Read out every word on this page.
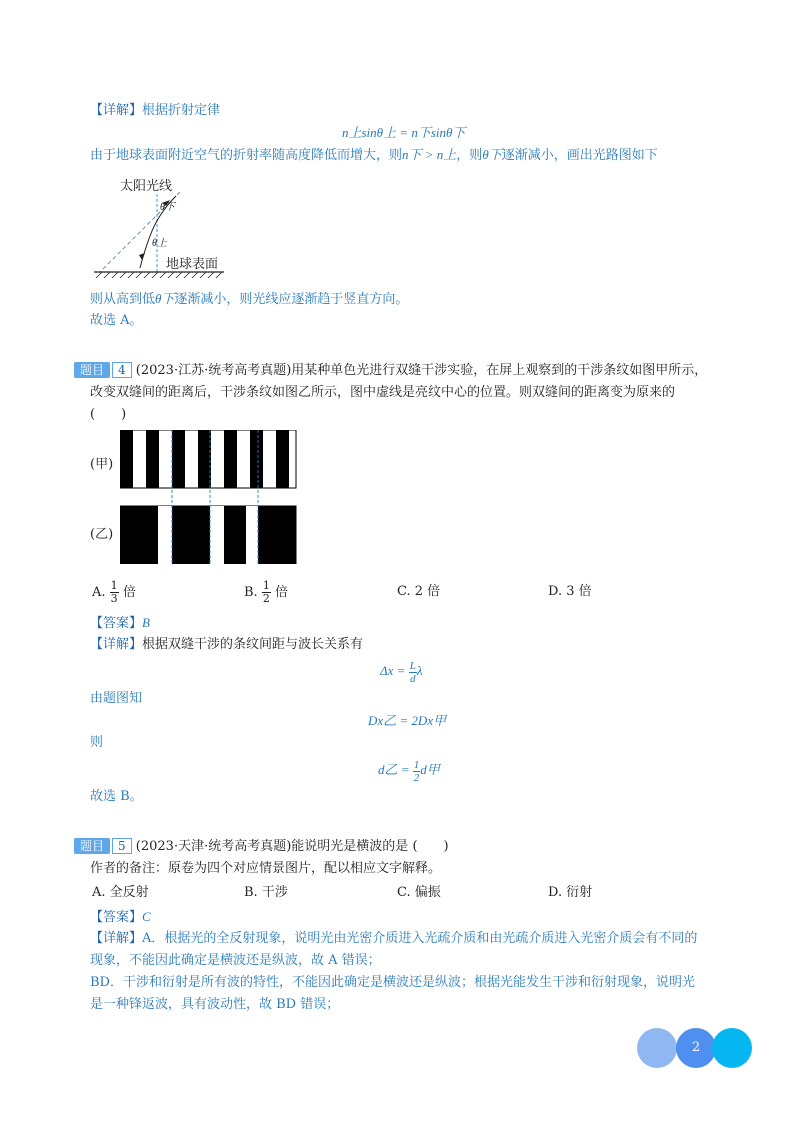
【详解】根据折射定律
n上sinθ上 = n下sinθ下
由于地球表面附近空气的折射率随高度降低而增大，则n下 > n上，则θ下逐渐减小，画出光路图如下
太阳光线
θ下
θ上
地球表面
则从高到低θ下逐渐减小，则光线应逐渐趋于竖直方向。
故选 A。
题目 4 (2023·江苏·统考高考真题)用某种单色光进行双缝干涉实验，在屏上观察到的干涉条纹如图甲所示，
改变双缝间的距离后，干涉条纹如图乙所示，图中虚线是亮纹中心的位置。则双缝间的距离变为原来的
(　　)
(甲)
(乙)
A. $\frac{1}{3}$ 倍	B. $\frac{1}{2}$ 倍	C. 2 倍	D. 3 倍
【答案】B
【详解】根据双缝干涉的条纹间距与波长关系有
$\Delta x = \frac{L}{d}$ λ
由题图知
Dx乙 = 2Dx甲
则
d乙 = $\frac{1}{2}$ d甲
故选 B。
题目 5 (2023·天津·统考高考真题)能说明光是横波的是 (　　)
作者的备注：原卷为四个对应情景图片，配以相应文字解释。
A. 全反射	B. 干涉	C. 偏振	D. 衍射
【答案】C
【详解】A．根据光的全反射现象，说明光由光密介质进入光疏介质和由光疏介质进入光密介质会有不同的
现象，不能因此确定是横波还是纵波，故 A 错误；
BD．干涉和衍射是所有波的特性，不能因此确定是横波还是纵波；根据光能发生干涉和衍射现象，说明光
是一种锋返波，具有波动性，故 BD 错误；
2
